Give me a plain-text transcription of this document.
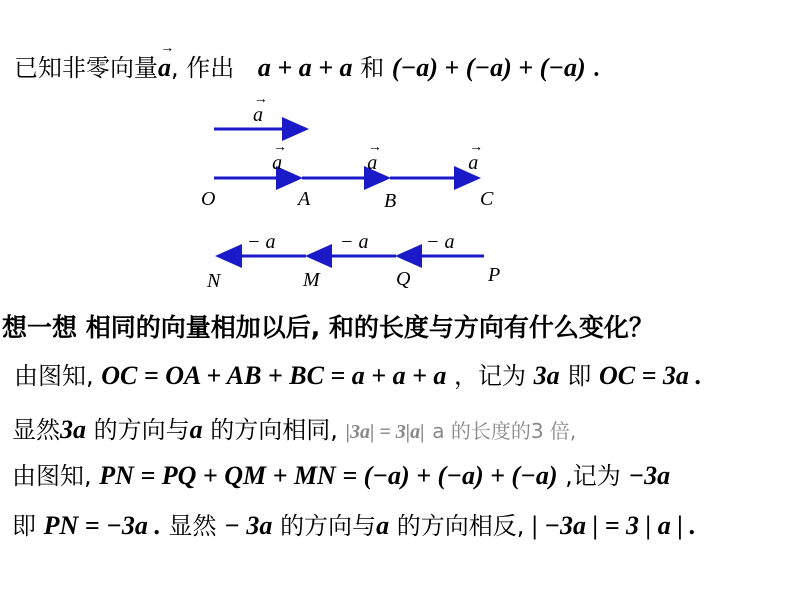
已知非零向量→ a, 作出 a + a + a 和 (−a) + (−a) + (−a) .
→ a → a	→ a	→ a
O	A	B	C
− a	− a	− a
N	M	Q	P
想一想 相同的向量相加以后, 和的长度与方向有什么变化？
由图知, OC = OA + AB + BC = a + a + a ，记为 3a 即 OC = 3a .
显然3a 的方向与a 的方向相同, |3a| = 3|a| a 的长度的3 倍,
由图知, PN = PQ + QM + MN = (−a) + (−a) + (−a) ,记为 −3a
即 PN = −3a . 显然 − 3a 的方向与a 的方向相反, | −3a | = 3 | a | .
